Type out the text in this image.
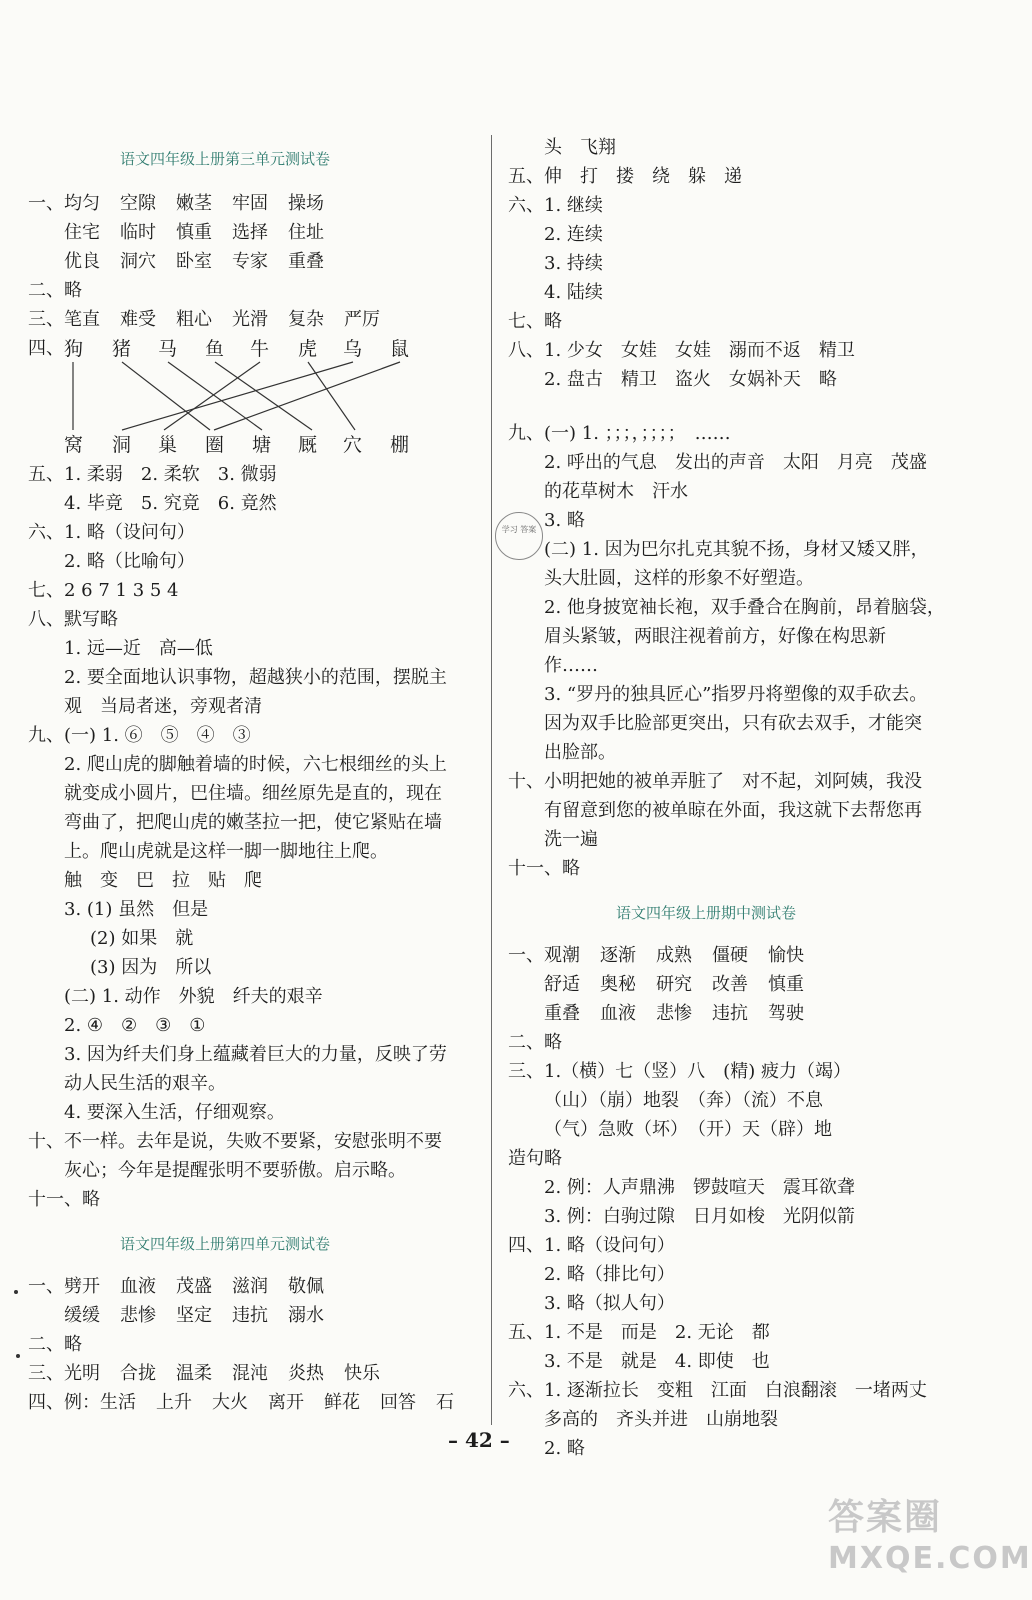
语文四年级上册第三单元测试卷
一、均匀 空隙 嫩茎 牢固 操场
住宅 临时 慎重 选择 住址
优良 洞穴 卧室 专家 重叠
二、略
三、笔直 难受 粗心 光滑 复杂 严厉
四、 狗 猪 马 鱼 牛 虎 乌 鼠
窝 洞 巢 圈 塘 厩 穴 棚
五、1. 柔弱　2. 柔软　3. 微弱
4. 毕竟　5. 究竟　6. 竟然
六、1. 略（设问句）
2. 略（比喻句）
七、2 6 7 1 3 5 4
八、默写略
1. 远—近　高—低
2. 要全面地认识事物，超越狭小的范围，摆脱主
观　当局者迷，旁观者清
九、(一) 1. ⑥　⑤　④　③
2. 爬山虎的脚触着墙的时候，六七根细丝的头上
就变成小圆片，巴住墙。细丝原先是直的，现在
弯曲了，把爬山虎的嫩茎拉一把，使它紧贴在墙
上。爬山虎就是这样一脚一脚地往上爬。
触　变　巴　拉　贴　爬
3. (1) 虽然　但是
(2) 如果　就
(3) 因为　所以
(二) 1. 动作　外貌　纤夫的艰辛
2. ④　②　③　①
3. 因为纤夫们身上蕴藏着巨大的力量，反映了劳
动人民生活的艰辛。
4. 要深入生活，仔细观察。
十、不一样。去年是说，失败不要紧，安慰张明不要
灰心；今年是提醒张明不要骄傲。启示略。
十一、略
语文四年级上册第四单元测试卷
一、劈开 血液 茂盛 滋润 敬佩
缓缓 悲惨 坚定 违抗 溺水
二、略
三、光明 合拢 温柔 混沌 炎热 快乐
四、例：生活 上升 大火 离开 鲜花 回答 石
头　飞翔
五、伸　打　搂　绕　躲　递
六、1. 继续
2. 连续
3. 持续
4. 陆续
七、略
八、1. 少女　女娃　女娃　溺而不返　精卫
2. 盘古　精卫　盗火　女娲补天　略
九、(一) 1. ；；；，；；；；　……
2. 呼出的气息　发出的声音　太阳　月亮　茂盛
的花草树木　汗水
3. 略
(二) 1. 因为巴尔扎克其貌不扬，身材又矮又胖，
头大肚圆，这样的形象不好塑造。
2. 他身披宽袖长袍，双手叠合在胸前，昂着脑袋，
眉头紧皱，两眼注视着前方，好像在构思新
作……
3. “罗丹的独具匠心”指罗丹将塑像的双手砍去。
因为双手比脸部更突出，只有砍去双手，才能突
出脸部。
十、小明把她的被单弄脏了　对不起，刘阿姨，我没
有留意到您的被单晾在外面，我这就下去帮您再
洗一遍
十一、略
语文四年级上册期中测试卷
一、观潮 逐渐 成熟 僵硬 愉快
舒适 奥秘 研究 改善 慎重
重叠 血液 悲惨 违抗 驾驶
二、略
三、1.（横）七（竖）八　(精) 疲力（竭）
（山）（崩）地裂　（奔）（流）不息
（气）急败（坏）　（开）天（辟）地
造句略
2. 例：人声鼎沸　锣鼓喧天　震耳欲聋
3. 例：白驹过隙　日月如梭　光阴似箭
四、1. 略（设问句）
2. 略（排比句）
3. 略（拟人句）
五、1. 不是　而是　2. 无论　都
3. 不是　就是　4. 即使　也
六、1. 逐渐拉长　变粗　江面　白浪翻滚　一堵两丈
多高的　齐头并进　山崩地裂
2. 略
学习 答案
– 42 –
答案圈
MXQE.COM
